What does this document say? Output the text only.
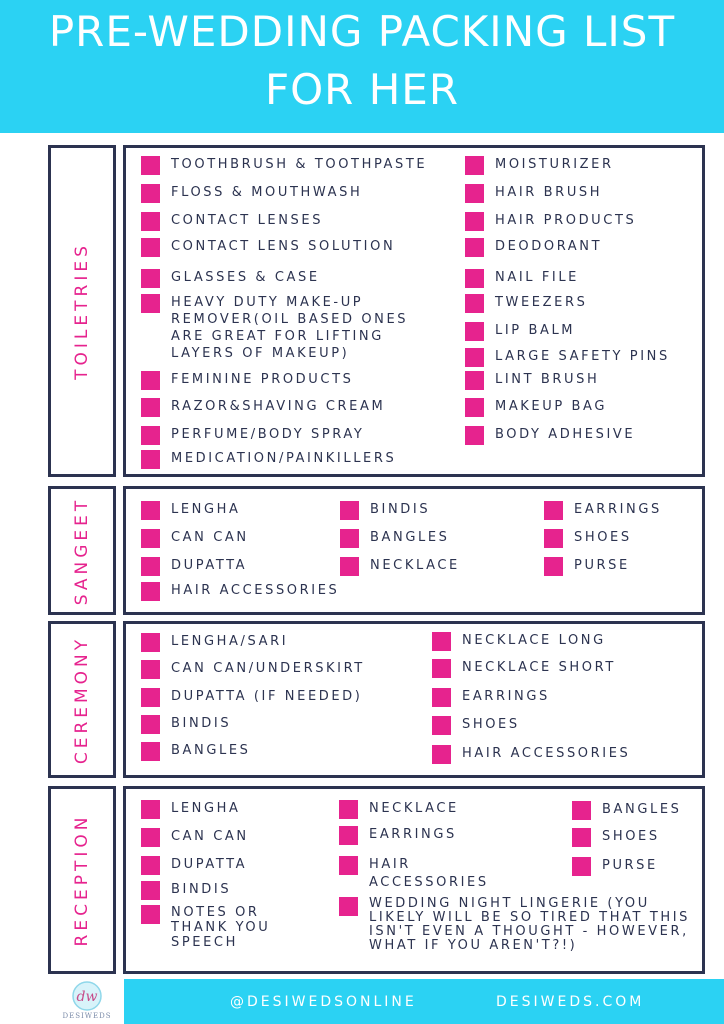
PRE-WEDDING PACKING LIST
FOR HER
TOILETRIES
TOOTHBRUSH & TOOTHPASTE
FLOSS & MOUTHWASH
CONTACT LENSES
CONTACT LENS SOLUTION
GLASSES & CASE
HEAVY DUTY MAKE-UP REMOVER(OIL BASED ONES ARE GREAT FOR LIFTING LAYERS OF MAKEUP)
FEMININE PRODUCTS
RAZOR&SHAVING CREAM
PERFUME/BODY SPRAY
MEDICATION/PAINKILLERS
MOISTURIZER
HAIR BRUSH
HAIR PRODUCTS
DEODORANT
NAIL FILE
TWEEZERS
LIP BALM
LARGE SAFETY PINS
LINT BRUSH
MAKEUP BAG
BODY ADHESIVE
SANGEET	LENGHA
CAN CAN
DUPATTA
HAIR ACCESSORIES
BINDIS
BANGLES
NECKLACE
EARRINGS
SHOES
PURSE
CEREMONY	LENGHA/SARI
CAN CAN/UNDERSKIRT
DUPATTA (IF NEEDED)
BINDIS
BANGLES
NECKLACE LONG
NECKLACE SHORT
EARRINGS
SHOES
HAIR ACCESSORIES
RECEPTION
LENGHA
CAN CAN
DUPATTA
BINDIS
NOTES OR THANK YOU SPEECH
NECKLACE
EARRINGS
HAIR ACCESSORIES
WEDDING NIGHT LINGERIE (YOU LIKELY WILL BE SO TIRED THAT THIS ISN'T EVEN A THOUGHT - HOWEVER, WHAT IF YOU AREN'T?!)
BANGLES
SHOES
PURSE
dw
DESIWEDS
@DESIWEDSONLINE	DESIWEDS.COM
